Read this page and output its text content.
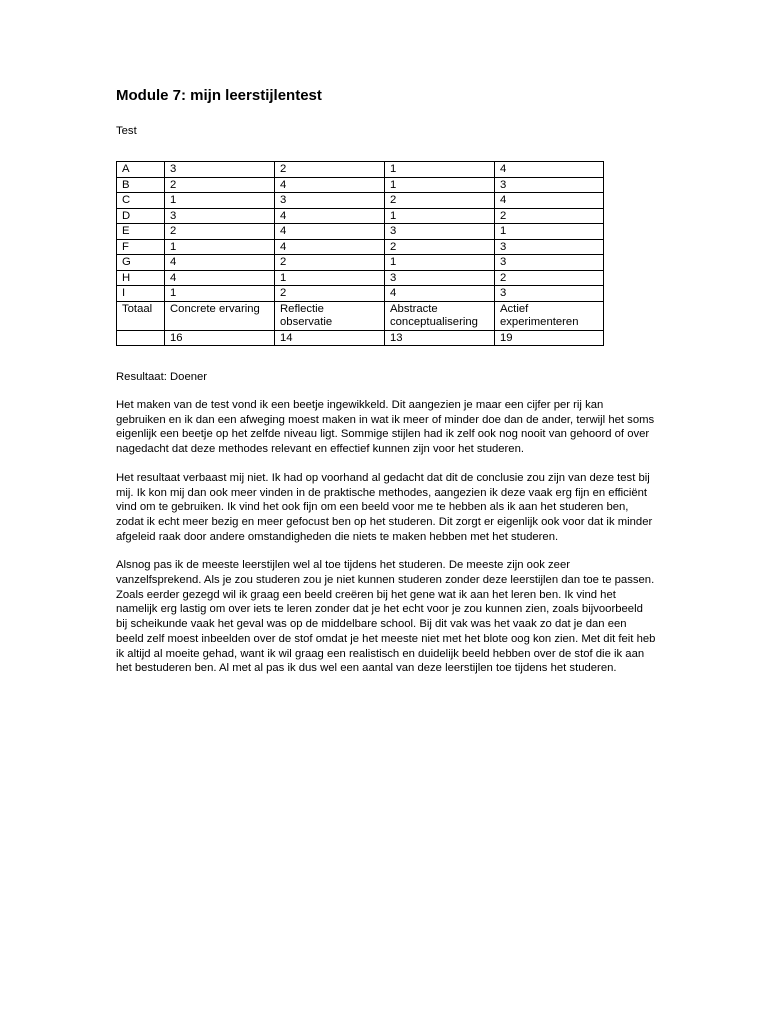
Module 7: mijn leerstijlentest

Test

A	3	2	1	4
B	2	4	1	3
C	1	3	2	4
D	3	4	1	2
E	2	4	3	1
F	1	4	2	3
G	4	2	1	3
H	4	1	3	2
I	1	2	4	3
Totaal	Concrete ervaring	Reflectie observatie	Abstracte conceptualisering	Actief experimenteren
	16	14	13	19

Resultaat: Doener

Het maken van de test vond ik een beetje ingewikkeld. Dit aangezien je maar een cijfer per rij kan gebruiken en ik dan een afweging moest maken in wat ik meer of minder doe dan de ander, terwijl het soms eigenlijk een beetje op het zelfde niveau ligt. Sommige stijlen had ik zelf ook nog nooit van gehoord of over nagedacht dat deze methodes relevant en effectief kunnen zijn voor het studeren.

Het resultaat verbaast mij niet. Ik had op voorhand al gedacht dat dit de conclusie zou zijn van deze test bij mij. Ik kon mij dan ook meer vinden in de praktische methodes, aangezien ik deze vaak erg fijn en efficiënt vind om te gebruiken. Ik vind het ook fijn om een beeld voor me te hebben als ik aan het studeren ben, zodat ik echt meer bezig en meer gefocust ben op het studeren. Dit zorgt er eigenlijk ook voor dat ik minder afgeleid raak door andere omstandigheden die niets te maken hebben met het studeren.

Alsnog pas ik de meeste leerstijlen wel al toe tijdens het studeren. De meeste zijn ook zeer vanzelfsprekend. Als je zou studeren zou je niet kunnen studeren zonder deze leerstijlen dan toe te passen. Zoals eerder gezegd wil ik graag een beeld creëren bij het gene wat ik aan het leren ben. Ik vind het namelijk erg lastig om over iets te leren zonder dat je het echt voor je zou kunnen zien, zoals bijvoorbeeld bij scheikunde vaak het geval was op de middelbare school. Bij dit vak was het vaak zo dat je dan een beeld zelf moest inbeelden over de stof omdat je het meeste niet met het blote oog kon zien. Met dit feit heb ik altijd al moeite gehad, want ik wil graag een realistisch en duidelijk beeld hebben over de stof die ik aan het bestuderen ben. Al met al pas ik dus wel een aantal van deze leerstijlen toe tijdens het studeren.
